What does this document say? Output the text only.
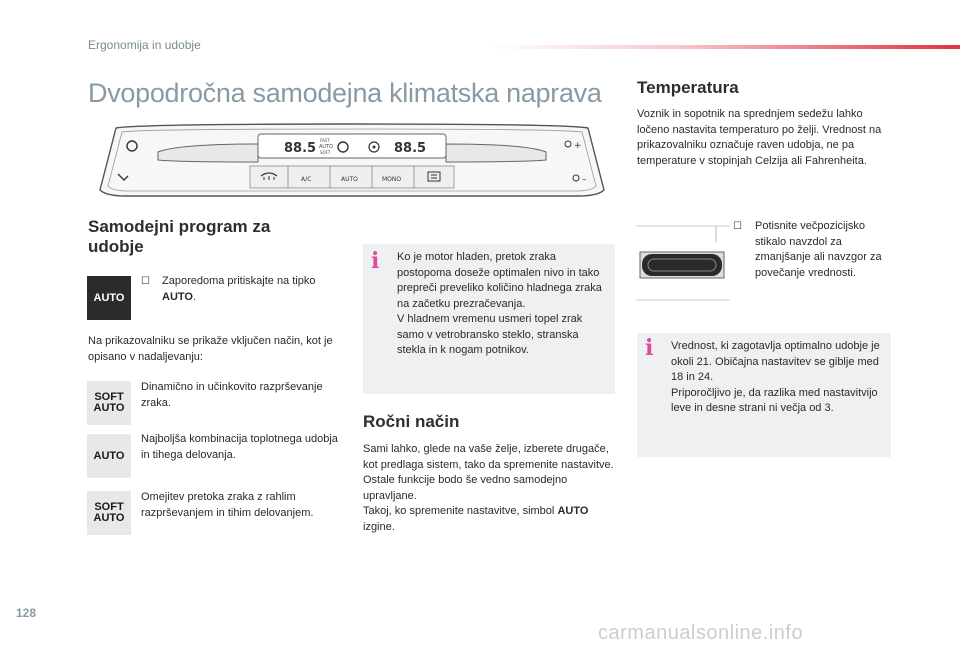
Ergonomija in udobje
Dvopodročna samodejna klimatska naprava
88.5	88.5
FAST
AUTO
SOFT
A/C	AUTO	MONO
+
–
Samodejni program za udobje
AUTO

☐	Zaporedoma pritiskajte na tipko AUTO.

Na prikazovalniku se prikaže vključen način, kot je opisano v nadaljevanju:

SOFT
AUTO

Dinamično in učinkovito razprševanje zraka.

AUTO

Najboljša kombinacija toplotnega udobja in tihega delovanja.

SOFT
AUTO

Omejitev pretoka zraka z rahlim razprševanjem in tihim delovanjem.

i	Ko je motor hladen, pretok zraka postopoma doseže optimalen nivo in tako prepreči preveliko količino hladnega zraka na začetku prezračevanja.
V hladnem vremenu usmeri topel zrak samo v vetrobransko steklo, stranska stekla in k nogam potnikov.

Ročni način

Sami lahko, glede na vaše želje, izberete drugače, kot predlaga sistem, tako da spremenite nastavitve. Ostale funkcije bodo še vedno samodejno upravljane.
Takoj, ko spremenite nastavitve, simbol AUTO izgine.

Temperatura

Voznik in sopotnik na sprednjem sedežu lahko ločeno nastavita temperaturo po želji. Vrednost na prikazovalniku označuje raven udobja, ne pa temperature v stopinjah Celzija ali Fahrenheita.

☐	Potisnite večpozicijsko stikalo navzdol za zmanjšanje ali navzgor za povečanje vrednosti.

i	Vrednost, ki zagotavlja optimalno udobje je okoli 21. Običajna nastavitev se giblje med 18 in 24.
Priporočljivo je, da razlika med nastavitvijo leve in desne strani ni večja od 3.

128
carmanualsonline.info
